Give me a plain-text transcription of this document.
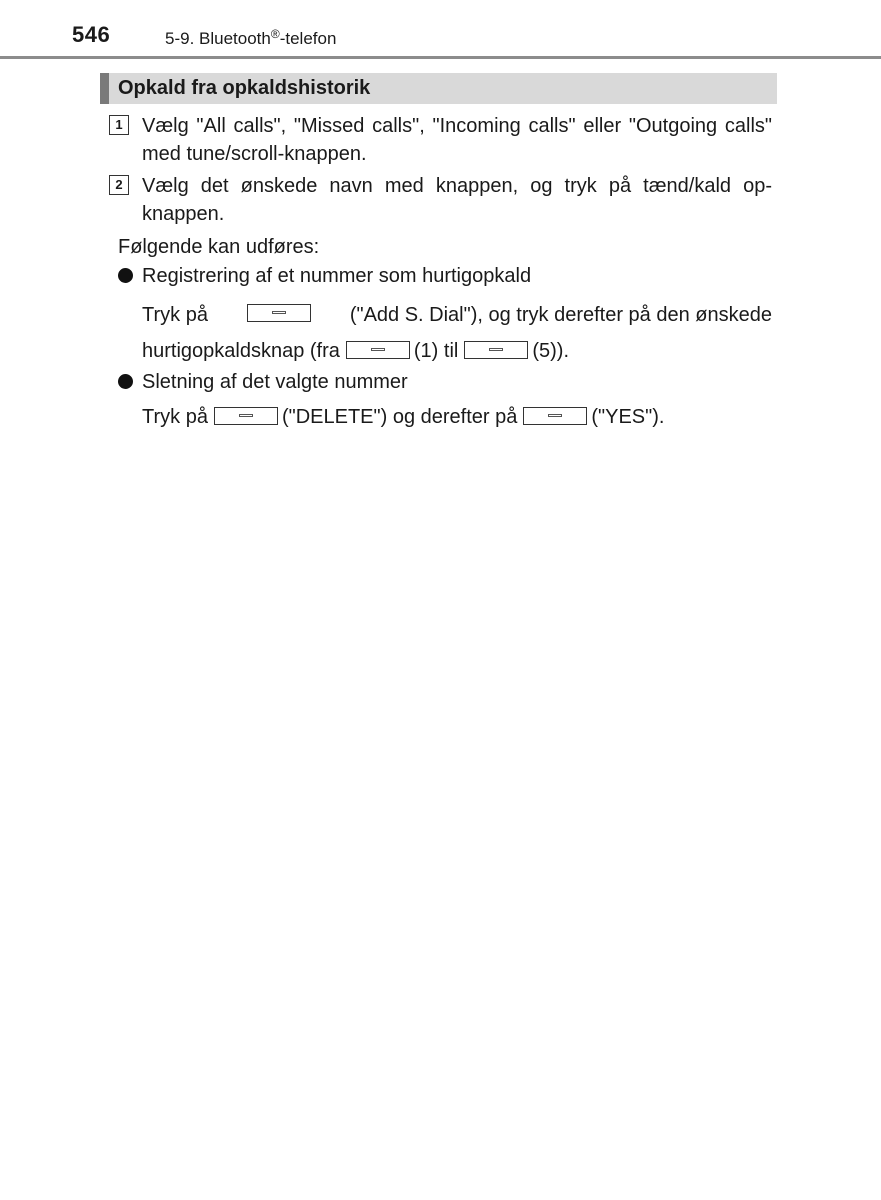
546	5-9. Bluetooth®-telefon
Opkald fra opkaldshistorik
1 Vælg "All calls", "Missed calls", "Incoming calls" eller "Outgoing calls" med tune/scroll-knappen.
2 Vælg det ønskede navn med knappen, og tryk på tænd/kald op-knappen.
Følgende kan udføres:
Registrering af et nummer som hurtigopkald
Tryk på	("Add S. Dial"), og tryk derefter på den ønskede
hurtigopkaldsknap (fra	(1) til	(5)).
Sletning af det valgte nummer
Tryk på	("DELETE") og derefter på	("YES").
